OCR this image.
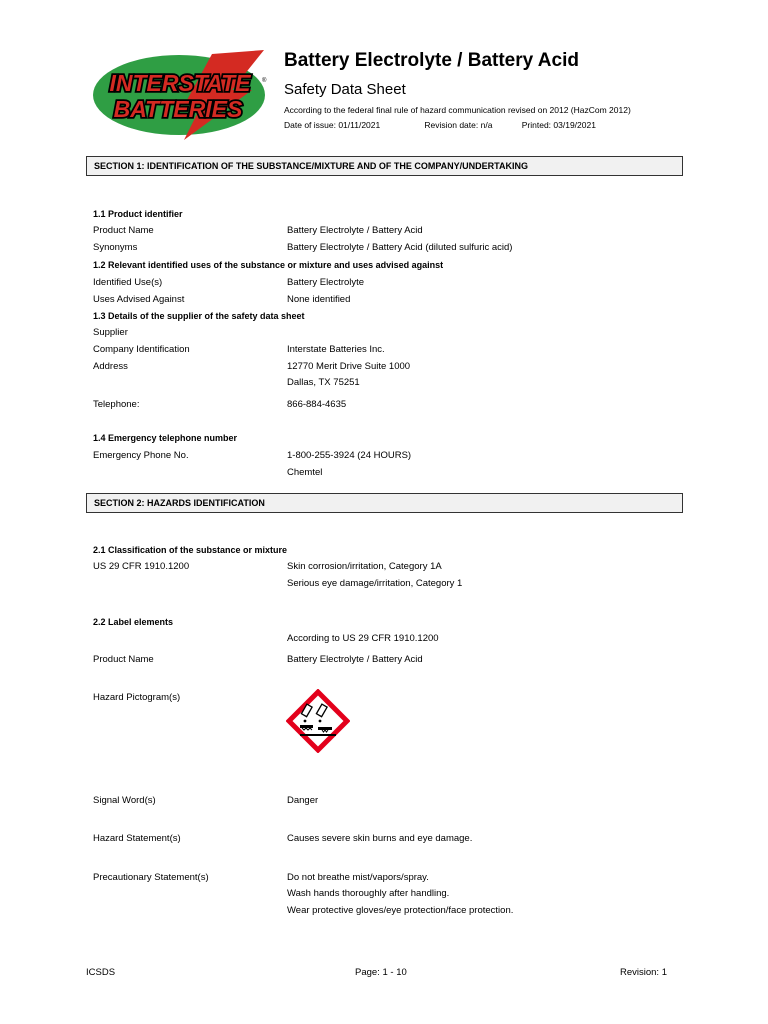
INTERSTATE
BATTERIES
®
Battery Electrolyte / Battery Acid
Safety Data Sheet
According to the federal final rule of hazard communication revised on 2012 (HazCom 2012)
Date of issue: 01/11/2021	Revision date: n/a	Printed: 03/19/2021
SECTION 1: IDENTIFICATION OF THE SUBSTANCE/MIXTURE AND OF THE COMPANY/UNDERTAKING
1.1 Product identifier
Product Name	Battery Electrolyte / Battery Acid
Synonyms	Battery Electrolyte / Battery Acid (diluted sulfuric acid)
1.2 Relevant identified uses of the substance or mixture and uses advised against
Identified Use(s)	Battery Electrolyte
Uses Advised Against	None identified
1.3 Details of the supplier of the safety data sheet
Supplier
Company Identification	Interstate Batteries Inc.
Address	12770 Merit Drive Suite 1000
Dallas, TX 75251
Telephone:	866-884-4635
1.4 Emergency telephone number
Emergency Phone No.	1-800-255-3924 (24 HOURS)
Chemtel
SECTION 2: HAZARDS IDENTIFICATION
2.1 Classification of the substance or mixture
US 29 CFR 1910.1200	Skin corrosion/irritation, Category 1A
Serious eye damage/irritation, Category 1
2.2 Label elements
According to US 29 CFR 1910.1200
Product Name	Battery Electrolyte / Battery Acid
Hazard Pictogram(s)
Signal Word(s)	Danger
Hazard Statement(s)	Causes severe skin burns and eye damage.
Precautionary Statement(s)	Do not breathe mist/vapors/spray.
Wash hands thoroughly after handling.
Wear protective gloves/eye protection/face protection.
ICSDS	Page: 1 - 10	Revision: 1
